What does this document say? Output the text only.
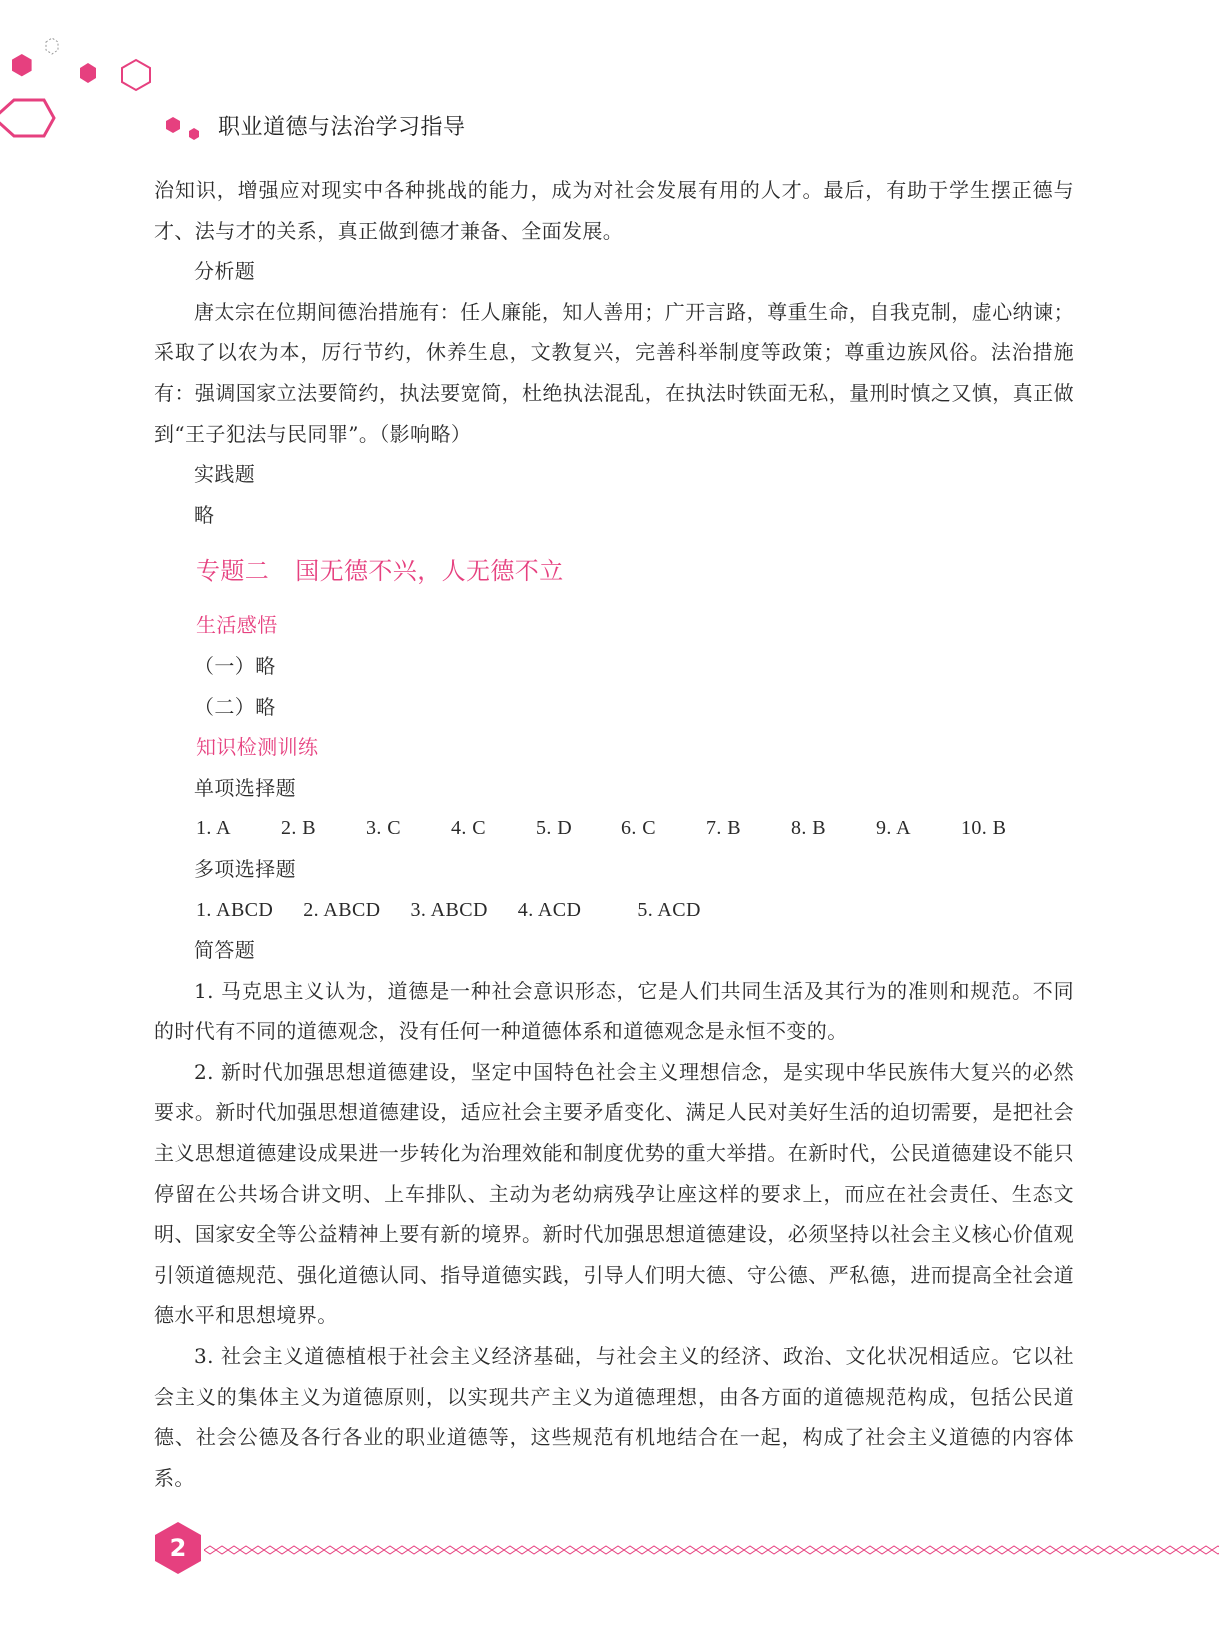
职业道德与法治学习指导

治知识，增强应对现实中各种挑战的能力，成为对社会发展有用的人才。最后，有助于学生摆正德与才、法与才的关系，真正做到德才兼备、全面发展。

分析题

唐太宗在位期间德治措施有：任人廉能，知人善用；广开言路，尊重生命，自我克制，虚心纳谏；采取了以农为本，厉行节约，休养生息，文教复兴，完善科举制度等政策；尊重边族风俗。法治措施有：强调国家立法要简约，执法要宽简，杜绝执法混乱，在执法时铁面无私，量刑时慎之又慎，真正做到“王子犯法与民同罪”。（影响略）

实践题

略

专题二 国无德不兴，人无德不立
生活感悟

（一）略

（二）略

知识检测训练

单项选择题

1. A	2. B	3. C	4. C	5. D 6. C	7. B	8. B	9. A	10. B

多项选择题

1. ABCD 2. ABCD 3. ABCD 4. ACD	5. ACD

简答题

1. 马克思主义认为，道德是一种社会意识形态，它是人们共同生活及其行为的准则和规范。不同的时代有不同的道德观念，没有任何一种道德体系和道德观念是永恒不变的。

2. 新时代加强思想道德建设，坚定中国特色社会主义理想信念，是实现中华民族伟大复兴的必然要求。新时代加强思想道德建设，适应社会主要矛盾变化、满足人民对美好生活的迫切需要，是把社会主义思想道德建设成果进一步转化为治理效能和制度优势的重大举措。在新时代，公民道德建设不能只停留在公共场合讲文明、上车排队、主动为老幼病残孕让座这样的要求上，而应在社会责任、生态文明、国家安全等公益精神上要有新的境界。新时代加强思想道德建设，必须坚持以社会主义核心价值观引领道德规范、强化道德认同、指导道德实践，引导人们明大德、守公德、严私德，进而提高全社会道德水平和思想境界。

3. 社会主义道德植根于社会主义经济基础，与社会主义的经济、政治、文化状况相适应。它以社会主义的集体主义为道德原则，以实现共产主义为道德理想，由各方面的道德规范构成，包括公民道德、社会公德及各行各业的职业道德等，这些规范有机地结合在一起，构成了社会主义道德的内容体系。

2
